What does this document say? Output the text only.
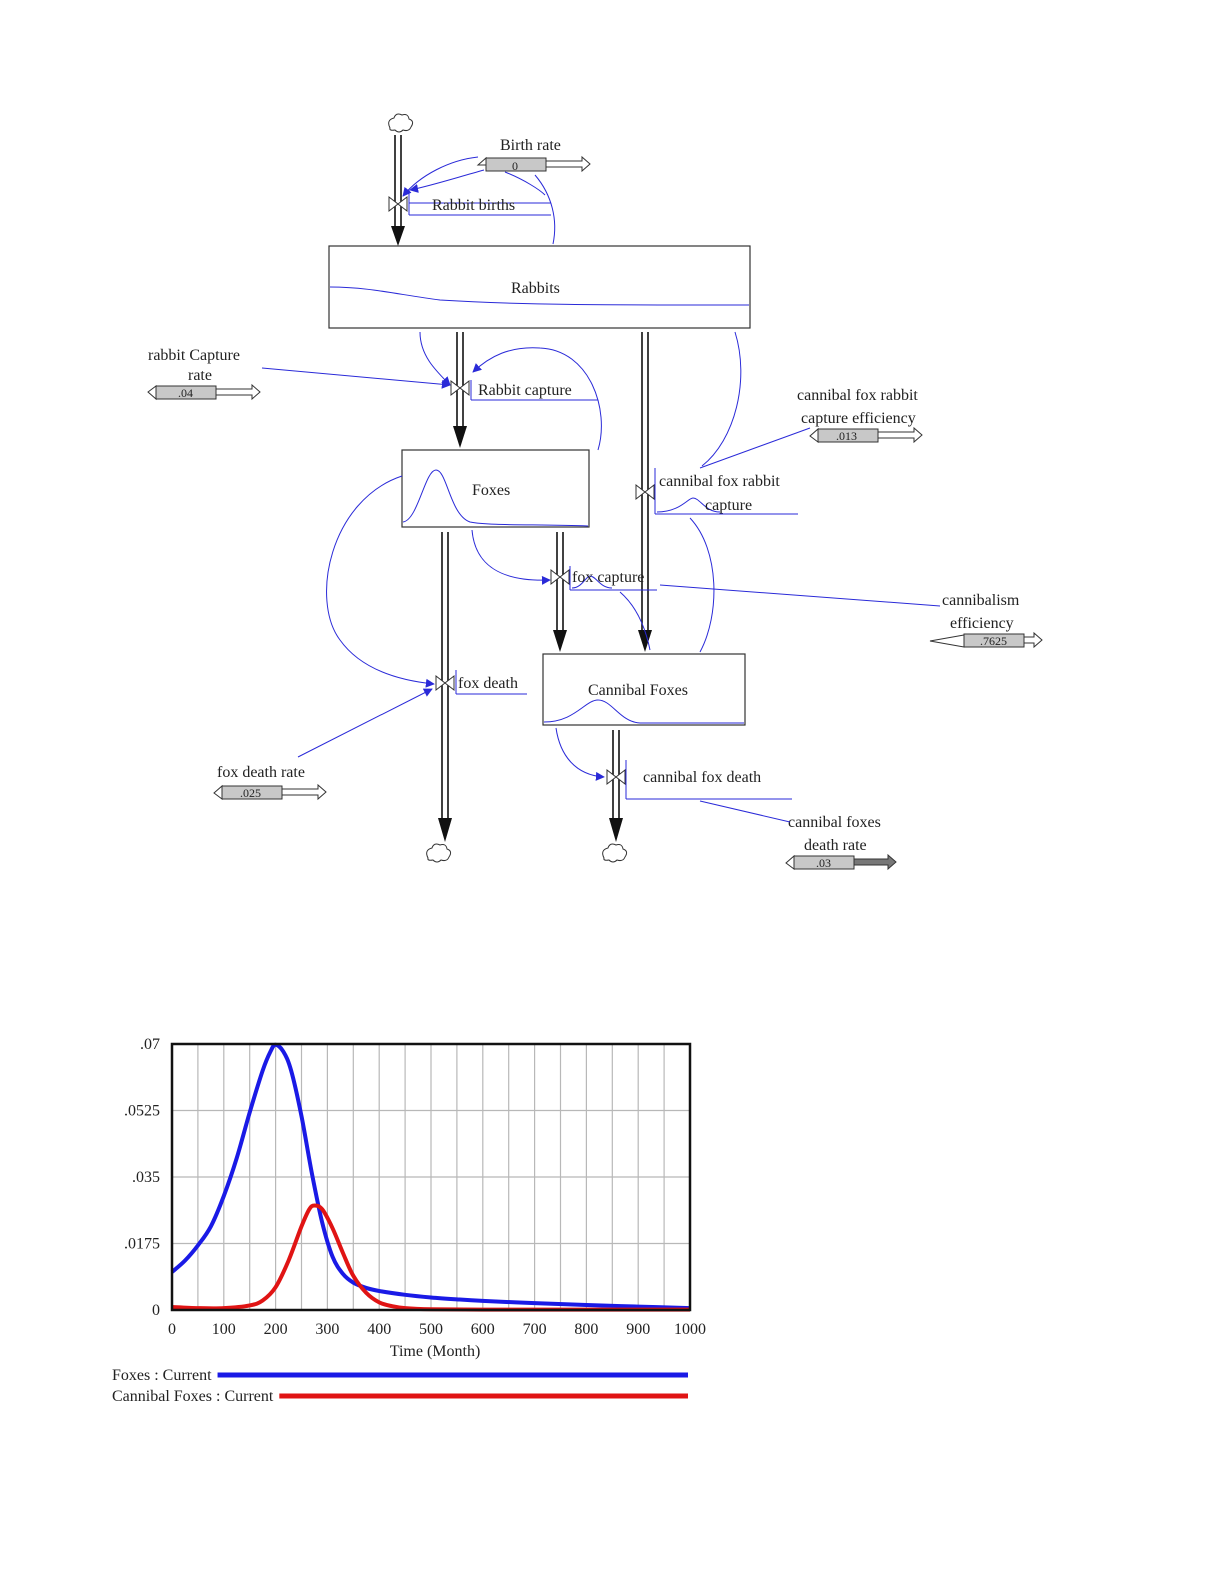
Birth rate
0
Rabbit births
Rabbits
rabbit Capture
rate
.04	Rabbit capture
Foxes
cannibal fox rabbit
capture
cannibal fox rabbit
capture efficiency
.013
fox capture
cannibalism
efficiency
.7625
fox death
fox death rate
.025
Cannibal Foxes
cannibal fox death
cannibal foxes
death rate
.03
0
.0175
.035
.0525
.07
0 100 200 300 400 500 600 700 800 900 1000
Time (Month)
Foxes : Current
Cannibal Foxes : Current
